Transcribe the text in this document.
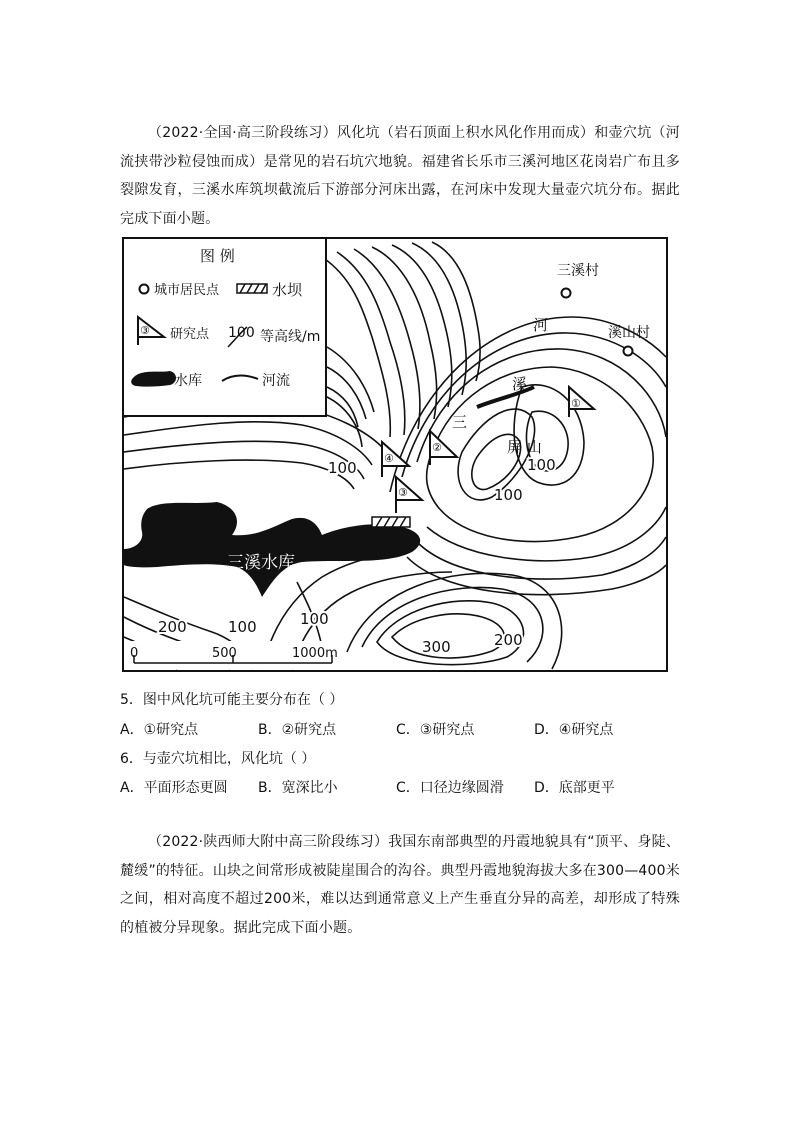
（2022·全国·高三阶段练习）风化坑（岩石顶面上积水风化作用而成）和壶穴坑（河流挟带沙粒侵蚀而成）是常见的岩石坑穴地貌。福建省长乐市三溪河地区花岗岩广布且多裂隙发育，三溪水库筑坝截流后下游部分河床出露，在河床中发现大量壶穴坑分布。据此完成下面小题。
图 例
城市居民点	水坝
③ 研究点 100 等高线/m
水库	河流
三溪村
溪山村
河
溪
三
屏 山
①
②
④
③
100	100
100
100
100
200
200
300
三溪水库
0	500	1000m
5．图中风化坑可能主要分布在（ ）
A．①研究点	B．②研究点	C．③研究点	D．④研究点
6．与壶穴坑相比，风化坑（ ）
A．平面形态更圆 B．宽深比小	C．口径边缘圆滑 D．底部更平
（2022·陕西师大附中高三阶段练习）我国东南部典型的丹霞地貌具有“顶平、身陡、麓缓”的特征。山块之间常形成被陡崖围合的沟谷。典型丹霞地貌海拔大多在300—400米之间，相对高度不超过200米，难以达到通常意义上产生垂直分异的高差，却形成了特殊的植被分异现象。据此完成下面小题。
